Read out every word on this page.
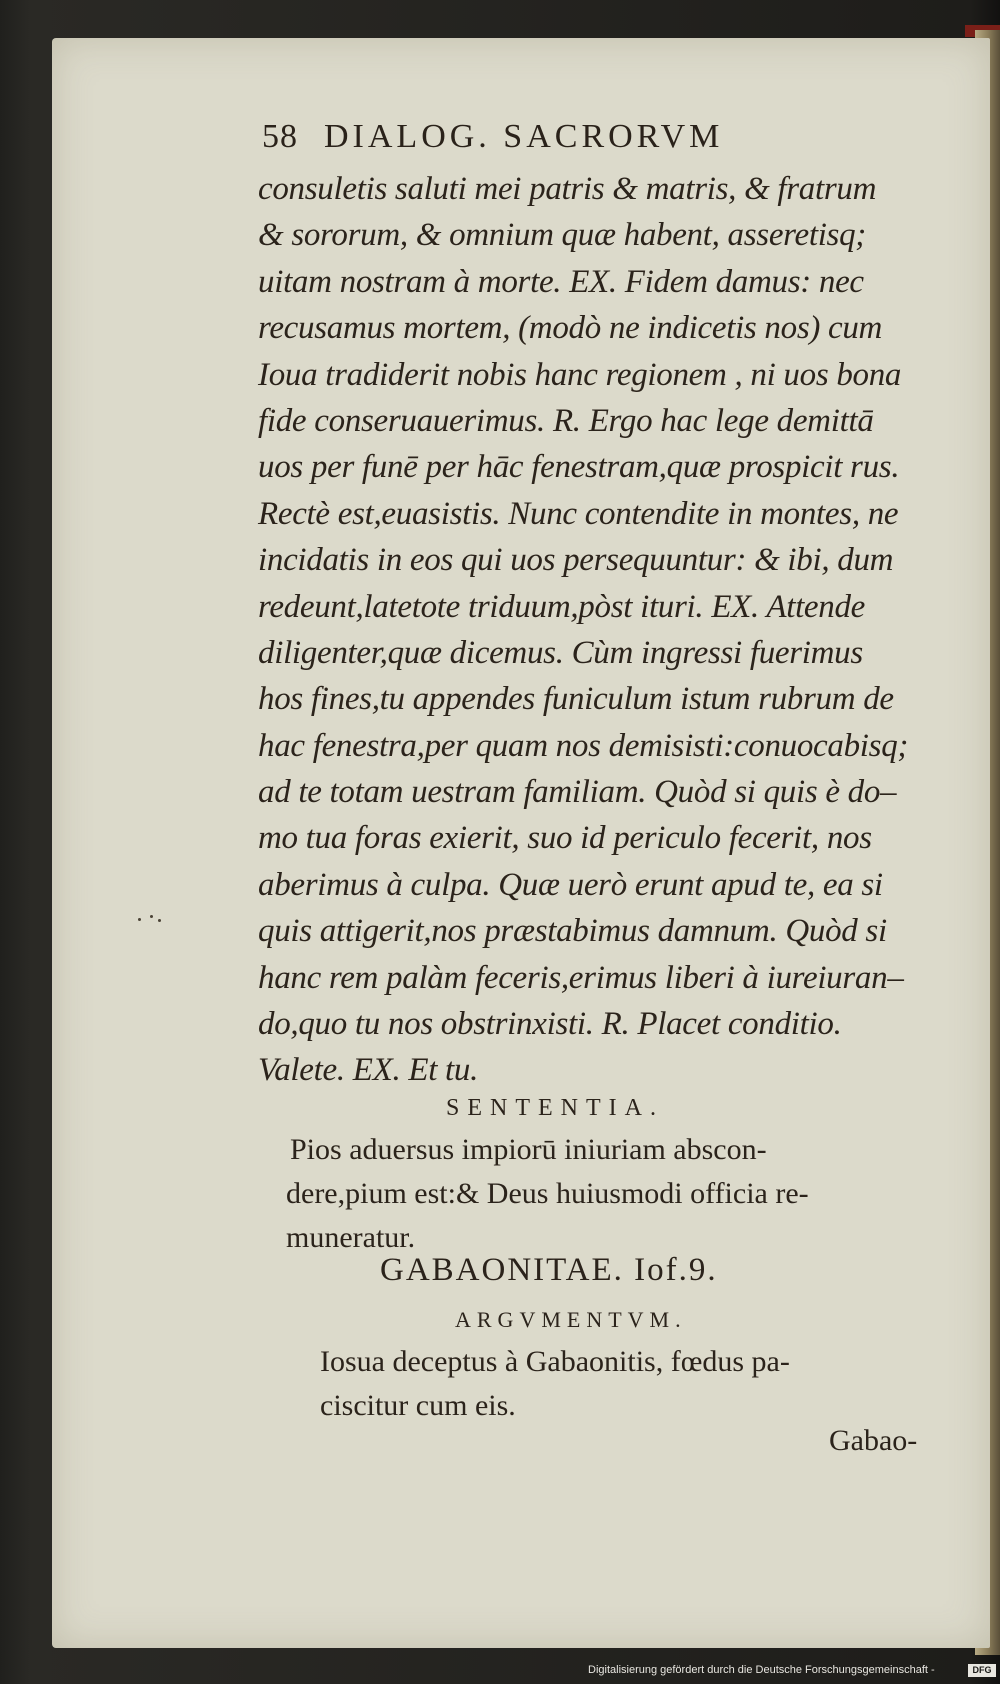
58 DIALOG. SACRORVM
consuletis saluti mei patris & matris, & fratrum
& sororum, & omnium quæ habent, asseretisq;
uitam nostram à morte. EX. Fidem damus: nec
recusamus mortem, (modò ne indicetis nos) cum
Ioua tradiderit nobis hanc regionem , ni uos bona
fide conseruauerimus. R. Ergo hac lege demittā
uos per funē per hāc fenestram,quæ prospicit rus.
Rectè est,euasistis. Nunc contendite in montes, ne
incidatis in eos qui uos persequuntur: & ibi, dum
redeunt,latetote triduum,pòst ituri. EX. Attende
diligenter,quæ dicemus. Cùm ingressi fuerimus
hos fines,tu appendes funiculum istum rubrum de
hac fenestra,per quam nos demisisti:conuocabisq;
ad te totam uestram familiam. Quòd si quis è do–
mo tua foras exierit, suo id periculo fecerit, nos
aberimus à culpa. Quæ uerò erunt apud te, ea si
quis attigerit,nos præstabimus damnum. Quòd si
hanc rem palàm feceris,erimus liberi à iureiuran–
do,quo tu nos obstrinxisti. R. Placet conditio.
Valete. EX. Et tu.
SENTENTIA.
Pios aduersus impiorū iniuriam abscon-
dere,pium est:& Deus huiusmodi officia re-
muneratur.
GABAONITAE. Iof.9.
ARGVMENTVM.
Iosua deceptus à Gabaonitis, fœdus pa-
ciscitur cum eis.
Gabao-
Digitalisierung gefördert durch die Deutsche Forschungsgemeinschaft -	DFG
